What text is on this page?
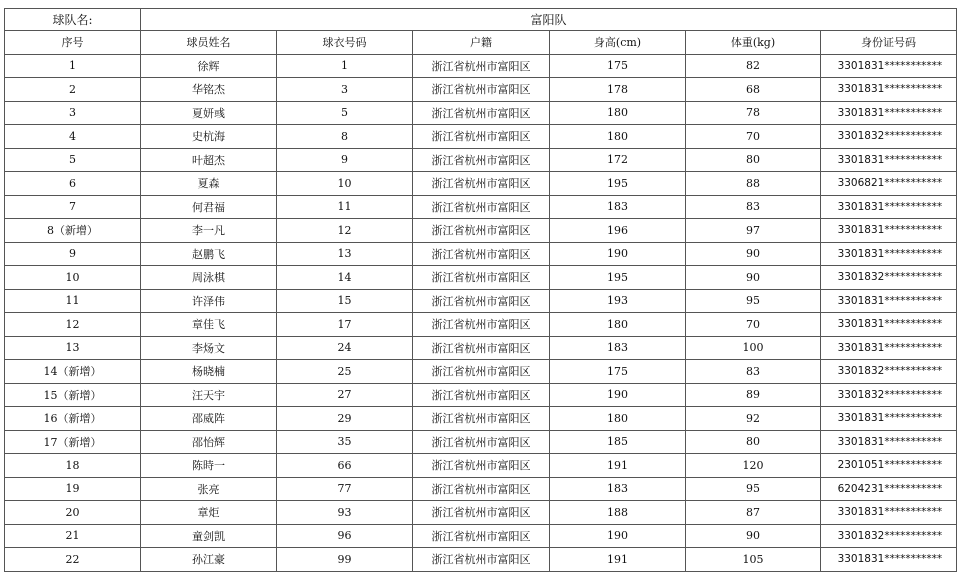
球队名:	富阳队					
序号	球员姓名	球衣号码	户籍	身高(cm)	体重(kg)	身份证号码
1	徐辉	1	浙江省杭州市富阳区	175	82	3301831***********
2	华铭杰	3	浙江省杭州市富阳区	178	68	3301831***********
3	夏妍彧	5	浙江省杭州市富阳区	180	78	3301831***********
4	史杭海	8	浙江省杭州市富阳区	180	70	3301832***********
5	叶超杰	9	浙江省杭州市富阳区	172	80	3301831***********
6	夏森	10	浙江省杭州市富阳区	195	88	3306821***********
7	何君福	11	浙江省杭州市富阳区	183	83	3301831***********
8（新增）	李一凡	12	浙江省杭州市富阳区	196	97	3301831***********
9	赵鹏飞	13	浙江省杭州市富阳区	190	90	3301831***********
10	周泳棋	14	浙江省杭州市富阳区	195	90	3301832***********
11	许泽伟	15	浙江省杭州市富阳区	193	95	3301831***********
12	章佳飞	17	浙江省杭州市富阳区	180	70	3301831***********
13	李炀文	24	浙江省杭州市富阳区	183	100	3301831***********
14（新增）	杨晓楠	25	浙江省杭州市富阳区	175	83	3301832***********
15（新增）	汪天宇	27	浙江省杭州市富阳区	190	89	3301832***********
16（新增）	邵威阵	29	浙江省杭州市富阳区	180	92	3301831***********
17（新增）	邵怡辉	35	浙江省杭州市富阳区	185	80	3301831***********
18	陈時一	66	浙江省杭州市富阳区	191	120	2301051***********
19	张亮	77	浙江省杭州市富阳区	183	95	6204231***********
20	章炬	93	浙江省杭州市富阳区	188	87	3301831***********
21	童剑凯	96	浙江省杭州市富阳区	190	90	3301832***********
22	孙江豪	99	浙江省杭州市富阳区	191	105	3301831***********
